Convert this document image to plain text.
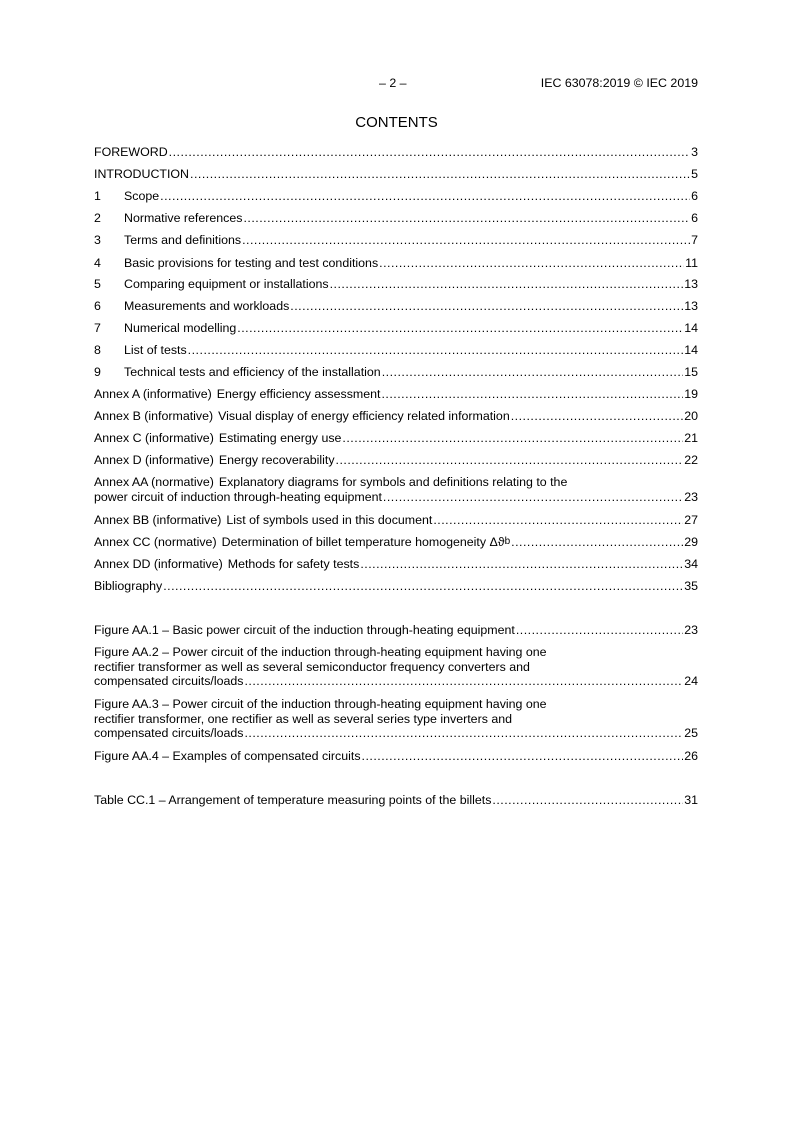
– 2 –	IEC 63078:2019 © IEC 2019
CONTENTS
FOREWORD .....	3
INTRODUCTION .....	5
1	Scope .....	6
2	Normative references .....	6
3	Terms and definitions .....	7
4	Basic provisions for testing and test conditions .....	11
5	Comparing equipment or installations .....	13
6	Measurements and workloads .....	13
7	Numerical modelling .....	14
8	List of tests .....	14
9	Technical tests and efficiency of the installation .....	15
Annex A (informative) Energy efficiency assessment .....	19
Annex B (informative) Visual display of energy efficiency related information .....	20
Annex C (informative) Estimating energy use .....	21
Annex D (informative) Energy recoverability .....	22
Annex AA (normative) Explanatory diagrams for symbols and definitions relating to the
power circuit of induction through-heating equipment .....	23
Annex BB (informative) List of symbols used in this document .....	27
Annex CC (normative) Determination of billet temperature homogeneity Δϑ b .....	29
Annex DD (informative) Methods for safety tests .....	34
Bibliography .....	35
Figure AA.1 – Basic power circuit of the induction through-heating equipment .....	23
Figure AA.2 – Power circuit of the induction through-heating equipment having one
rectifier transformer as well as several semiconductor frequency converters and
compensated circuits/loads .....	24
Figure AA.3 – Power circuit of the induction through-heating equipment having one
rectifier transformer, one rectifier as well as several series type inverters and
compensated circuits/loads .....	25
Figure AA.4 – Examples of compensated circuits .....	26
Table CC.1 – Arrangement of temperature measuring points of the billets .....	31
